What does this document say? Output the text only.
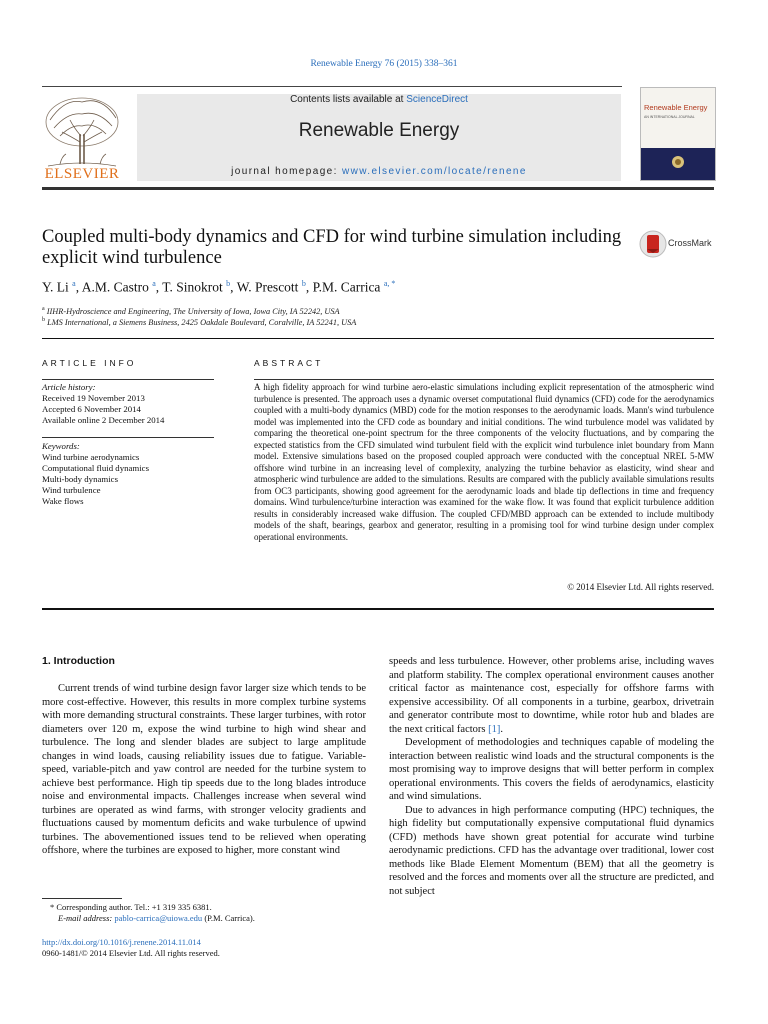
Renewable Energy 76 (2015) 338–361
ELSEVIER
Contents lists available at ScienceDirect
Renewable Energy
journal homepage: www.elsevier.com/locate/renene
Renewable Energy
AN INTERNATIONAL JOURNAL
Coupled multi-body dynamics and CFD for wind turbine simulation including explicit wind turbulence
CrossMark
Y. Li $^a$, A.M. Castro $^a$, T. Sinokrot $^b$, W. Prescott $^b$, P.M. Carrica $^{a, *}$
$^a$ IIHR-Hydroscience and Engineering, The University of Iowa, Iowa City, IA 52242, USA
$^b$ LMS International, a Siemens Business, 2425 Oakdale Boulevard, Coralville, IA 52241, USA
ARTICLE INFO	ABSTRACT
Article history:
Received 19 November 2013
Accepted 6 November 2014
Available online 2 December 2014
Keywords:
Wind turbine aerodynamics
Computational fluid dynamics
Multi-body dynamics
Wind turbulence
Wake flows
A high fidelity approach for wind turbine aero-elastic simulations including explicit representation of the atmospheric wind turbulence is presented. The approach uses a dynamic overset computational fluid dynamics (CFD) code for the aerodynamics coupled with a multi-body dynamics (MBD) code for the motion responses to the aerodynamic loads. Mann's wind turbulence model was implemented into the CFD code as boundary and initial conditions. The wind turbulence model was validated by comparing the theoretical one-point spectrum for the three components of the velocity fluctuations, and by comparing the expected statistics from the CFD simulated wind turbulent field with the explicit wind turbulence inlet boundary from Mann model. Extensive simulations based on the proposed coupled approach were conducted with the conceptual NREL 5-MW offshore wind turbine in an increasing level of complexity, analyzing the turbine behavior as elasticity, wind shear and atmospheric wind turbulence are added to the simulations. Results are compared with the publicly available simulations results from OC3 participants, showing good agreement for the aerodynamic loads and blade tip deflections in time and frequency domains. Wind turbulence/turbine interaction was examined for the wake flow. It was found that explicit turbulence addition results in considerably increased wake diffusion. The coupled CFD/MBD approach can be extended to include multibody models of the shaft, bearings, gearbox and generator, resulting in a promising tool for wind turbine design under complex operational environments.
© 2014 Elsevier Ltd. All rights reserved.
1. Introduction

Current trends of wind turbine design favor larger size which tends to be more cost-effective. However, this results in more complex turbine systems with more demanding structural constraints. These larger turbines, with rotor diameters over 120 m, expose the wind turbine to high wind shear and turbulence. The long and slender blades are subject to large amplitude changes in wind loads, causing reliability issues due to fatigue. Variable-speed, variable-pitch and yaw control are needed for the turbine system to achieve best performance. High tip speeds due to the long blades introduce noise and environmental impacts. Challenges increase when several wind turbines are operated as wind farms, with stronger velocity gradients and fluctuations caused by momentum deficits and wake turbulence of upwind turbines. The abovementioned issues tend to be relieved when operating offshore, where the turbines are exposed to higher, more constant wind

speeds and less turbulence. However, other problems arise, including waves and platform stability. The complex operational environment causes another critical factor as maintenance cost, especially for offshore farms with expensive accessibility. Of all components in a turbine, gearbox, drivetrain and generator contribute most to downtime, while rotor hub and blades are the next critical factors [1].

Development of methodologies and techniques capable of modeling the interaction between realistic wind loads and the structural components is the most promising way to improve designs that will better perform in complex operational environments. This covers the fields of aerodynamics, elasticity and wind simulations.

Due to advances in high performance computing (HPC) techniques, the high fidelity but computationally expensive computational fluid dynamics (CFD) methods have shown great potential for accurate wind turbine aerodynamic predictions. CFD has the advantage over traditional, lower cost methods like Blade Element Momentum (BEM) that all the geometry is resolved and the forces and moments over all the structure are predicted, and not subject

* Corresponding author. Tel.: +1 319 335 6381.
E-mail address: pablo-carrica@uiowa.edu (P.M. Carrica).
http://dx.doi.org/10.1016/j.renene.2014.11.014
0960-1481/© 2014 Elsevier Ltd. All rights reserved.
